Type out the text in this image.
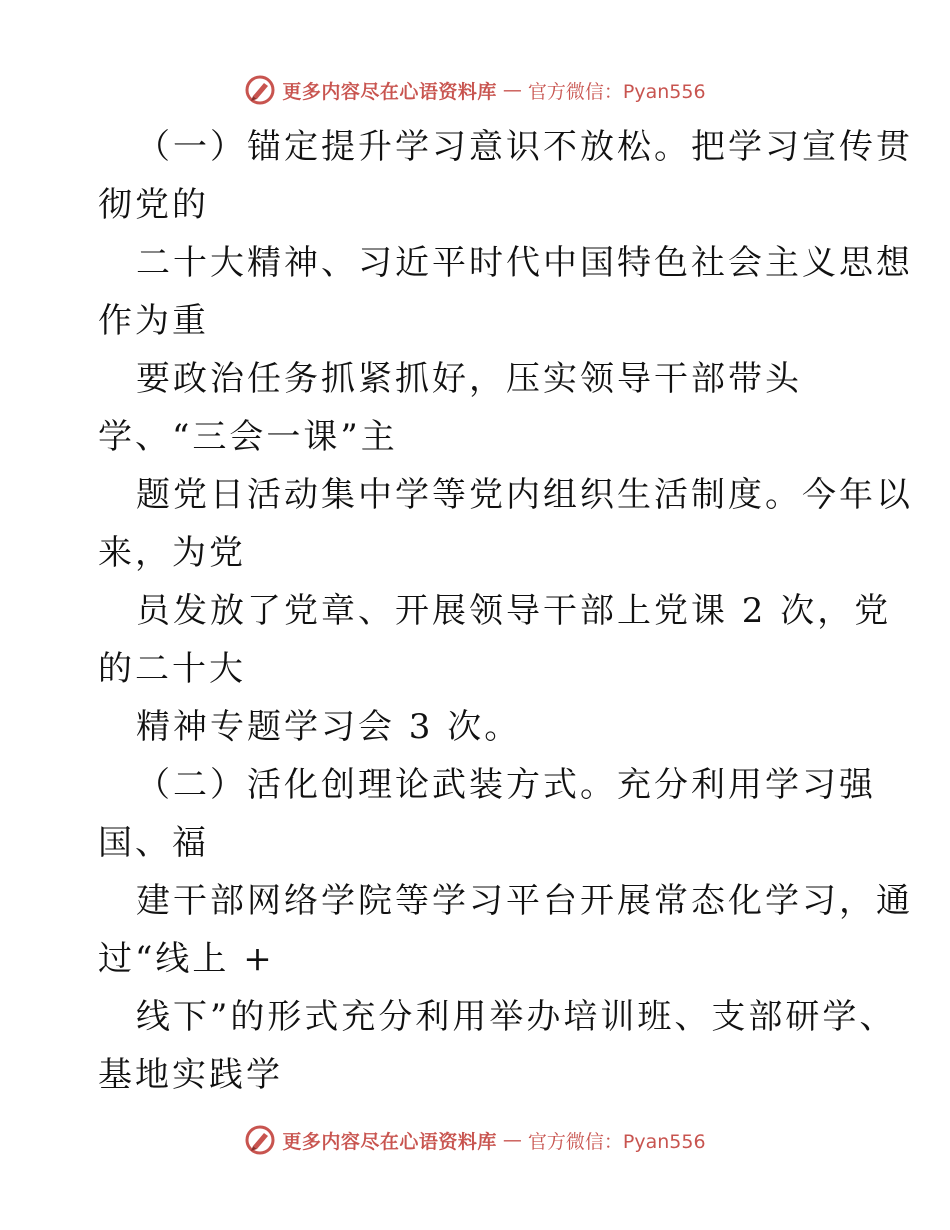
更多内容尽在心语资料库 — 官方微信：Pyan556
（一）锚定提升学习意识不放松。把学习宣传贯
彻党的
二十大精神、习近平时代中国特色社会主义思想
作为重
要政治任务抓紧抓好，压实领导干部带头
学、“三会一课”主
题党日活动集中学等党内组织生活制度。今年以
来，为党
员发放了党章、开展领导干部上党课 2 次，党
的二十大
精神专题学习会 3 次。
（二）活化创理论武装方式。充分利用学习强
国、福
建干部网络学院等学习平台开展常态化学习，通
过“线上 +
线下”的形式充分利用举办培训班、支部研学、
基地实践学
更多内容尽在心语资料库 — 官方微信：Pyan556
